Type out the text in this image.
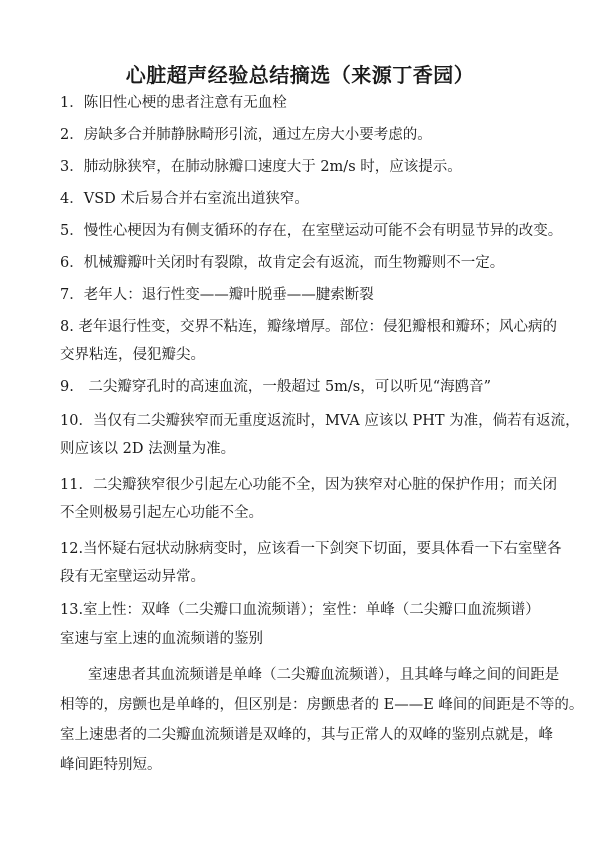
心脏超声经验总结摘选（来源丁香园）
1．陈旧性心梗的患者注意有无血栓
2．房缺多合并肺静脉畸形引流，通过左房大小要考虑的。
3．肺动脉狭窄，在肺动脉瓣口速度大于 2m/s 时，应该提示。
4．VSD 术后易合并右室流出道狭窄。
5．慢性心梗因为有侧支循环的存在，在室壁运动可能不会有明显节异的改变。
6．机械瓣瓣叶关闭时有裂隙，故肯定会有返流，而生物瓣则不一定。
7．老年人：退行性变——瓣叶脱垂——腱索断裂
8. 老年退行性变，交界不粘连，瓣缘增厚。部位：侵犯瓣根和瓣环；风心病的
交界粘连，侵犯瓣尖。
9.　二尖瓣穿孔时的高速血流，一般超过 5m/s，可以听见“海鸥音”
10．当仅有二尖瓣狭窄而无重度返流时，MVA 应该以 PHT 为准，倘若有返流，
则应该以 2D 法测量为准。
11．二尖瓣狭窄很少引起左心功能不全，因为狭窄对心脏的保护作用；而关闭
不全则极易引起左心功能不全。
12.当怀疑右冠状动脉病变时，应该看一下剑突下切面，要具体看一下右室壁各
段有无室壁运动异常。
13.室上性：双峰（二尖瓣口血流频谱）；室性：单峰（二尖瓣口血流频谱）
室速与室上速的血流频谱的鉴别
室速患者其血流频谱是单峰（二尖瓣血流频谱），且其峰与峰之间的间距是
相等的，房颤也是单峰的，但区别是：房颤患者的 E——E 峰间的间距是不等的。
室上速患者的二尖瓣血流频谱是双峰的，其与正常人的双峰的鉴别点就是，峰
峰间距特别短。
